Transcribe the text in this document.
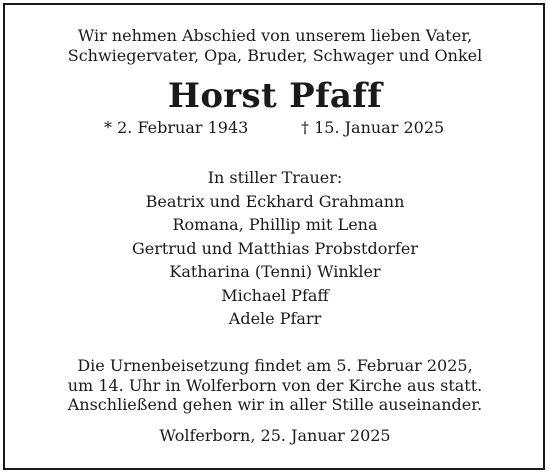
Wir nehmen Abschied von unserem lieben Vater,
Schwiegervater, Opa, Bruder, Schwager und Onkel
Horst Pfaff
* 2. Februar 1943	† 15. Januar 2025
In stiller Trauer:
Beatrix und Eckhard Grahmann
Romana, Phillip mit Lena
Gertrud und Matthias Probstdorfer
Katharina (Tenni) Winkler
Michael Pfaff
Adele Pfarr
Die Urnenbeisetzung findet am 5. Februar 2025,
um 14. Uhr in Wolferborn von der Kirche aus statt.
Anschließend gehen wir in aller Stille auseinander.
Wolferborn, 25. Januar 2025
